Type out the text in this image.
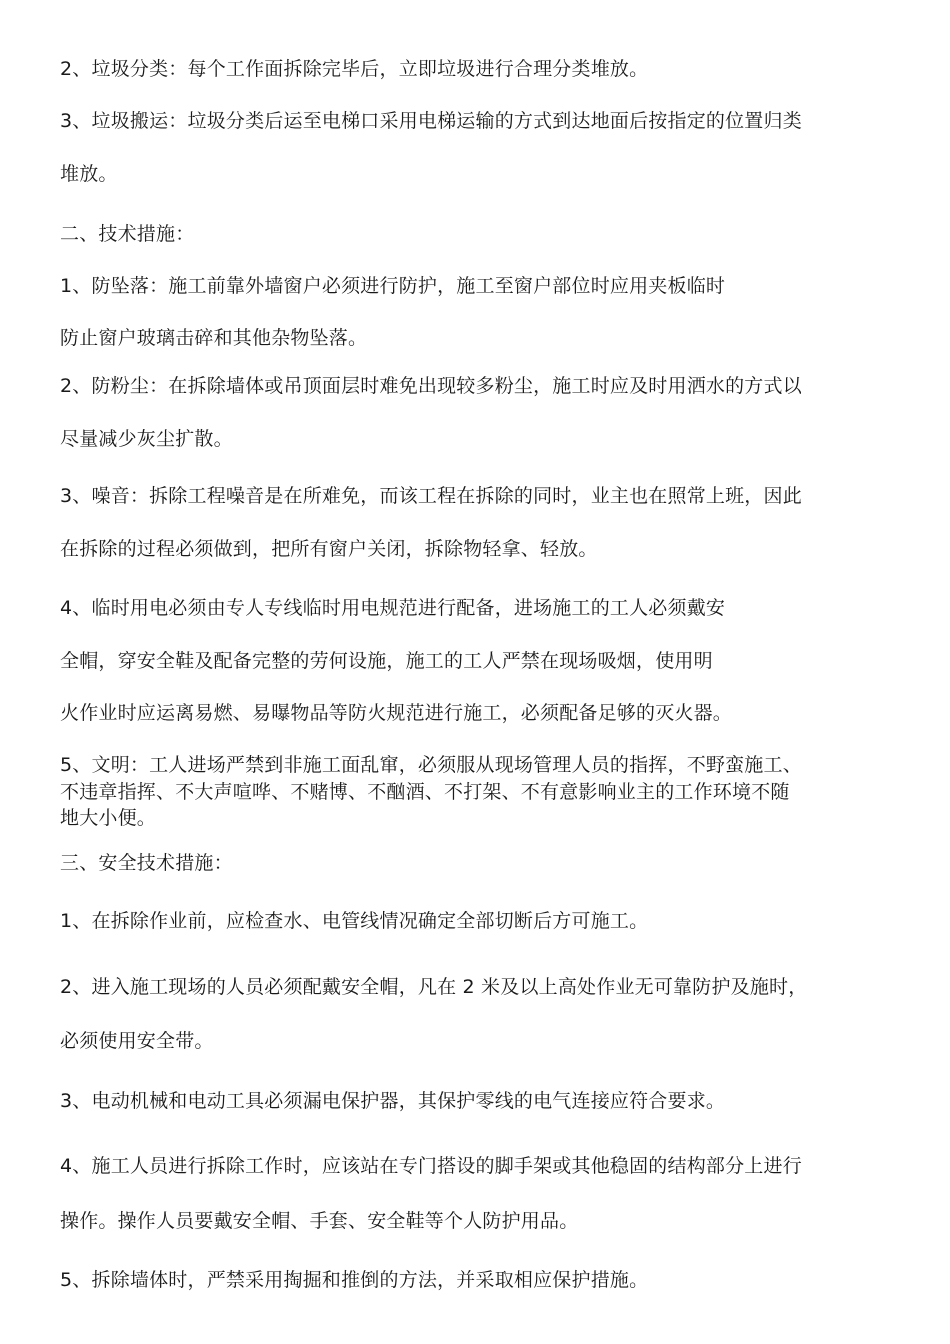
2、垃圾分类：每个工作面拆除完毕后，立即垃圾进行合理分类堆放。

3、垃圾搬运：垃圾分类后运至电梯口采用电梯运输的方式到达地面后按指定的位置归类

堆放。

二、技术措施：

1、防坠落：施工前靠外墙窗户必须进行防护，施工至窗户部位时应用夹板临时

防止窗户玻璃击碎和其他杂物坠落。

2、防粉尘：在拆除墙体或吊顶面层时难免出现较多粉尘，施工时应及时用洒水的方式以

尽量减少灰尘扩散。

3、噪音：拆除工程噪音是在所难免，而该工程在拆除的同时，业主也在照常上班，因此

在拆除的过程必须做到，把所有窗户关闭，拆除物轻拿、轻放。

4、临时用电必须由专人专线临时用电规范进行配备，进场施工的工人必须戴安

全帽，穿安全鞋及配备完整的劳何设施，施工的工人严禁在现场吸烟，使用明

火作业时应运离易燃、易曝物品等防火规范进行施工，必须配备足够的灭火器。

5、文明：工人进场严禁到非施工面乱窜，必须服从现场管理人员的指挥，不野蛮施工、

不违章指挥、不大声喧哗、不赌博、不酗酒、不打架、不有意影响业主的工作环境不随

地大小便。

三、安全技术措施：

1、在拆除作业前，应检查水、电管线情况确定全部切断后方可施工。

2、进入施工现场的人员必须配戴安全帽，凡在 2 米及以上高处作业无可靠防护及施时，

必须使用安全带。

3、电动机械和电动工具必须漏电保护器，其保护零线的电气连接应符合要求。

4、施工人员进行拆除工作时，应该站在专门搭设的脚手架或其他稳固的结构部分上进行

操作。操作人员要戴安全帽、手套、安全鞋等个人防护用品。

5、拆除墙体时，严禁采用掏掘和推倒的方法，并采取相应保护措施。
